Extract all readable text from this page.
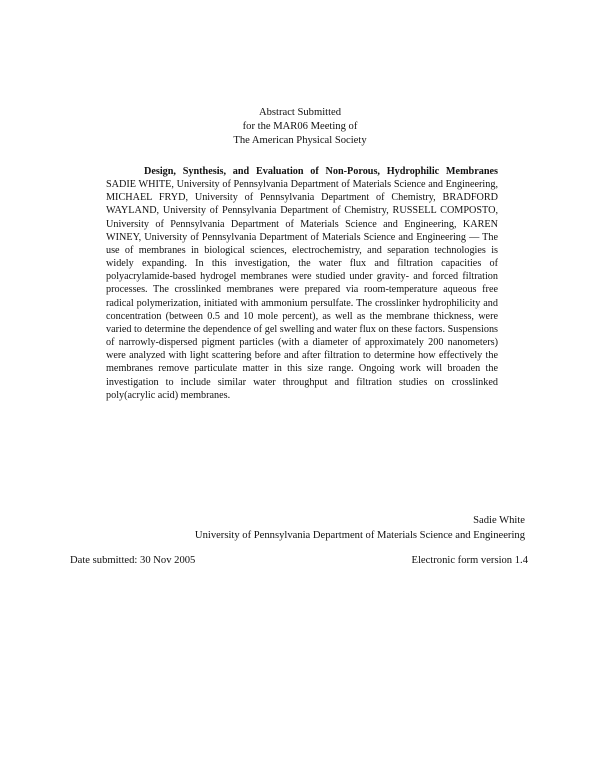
Abstract Submitted
for the MAR06 Meeting of
The American Physical Society

Design, Synthesis, and Evaluation of Non-Porous, Hydrophilic Membranes SADIE WHITE, University of Pennsylvania Department of Materials Science and Engineering, MICHAEL FRYD, University of Pennsylvania Department of Chemistry, BRADFORD WAYLAND, University of Pennsylvania Department of Chemistry, RUSSELL COMPOSTO, University of Pennsylvania Department of Materials Science and Engineering, KAREN WINEY, University of Pennsylvania Department of Materials Science and Engineering — The use of membranes in biological sciences, electrochemistry, and separation technologies is widely expanding. In this investigation, the water flux and filtration capacities of polyacrylamide-based hydrogel membranes were studied under gravity- and forced filtration processes. The crosslinked membranes were prepared via room-temperature aqueous free radical polymerization, initiated with ammonium persulfate. The crosslinker hydrophilicity and concentration (between 0.5 and 10 mole percent), as well as the membrane thickness, were varied to determine the dependence of gel swelling and water flux on these factors. Suspensions of narrowly-dispersed pigment particles (with a diameter of approximately 200 nanometers) were analyzed with light scattering before and after filtration to determine how effectively the membranes remove particulate matter in this size range. Ongoing work will broaden the investigation to include similar water throughput and filtration studies on crosslinked poly(acrylic acid) membranes.

Sadie White
University of Pennsylvania Department of Materials Science and Engineering
Date submitted: 30 Nov 2005	Electronic form version 1.4
